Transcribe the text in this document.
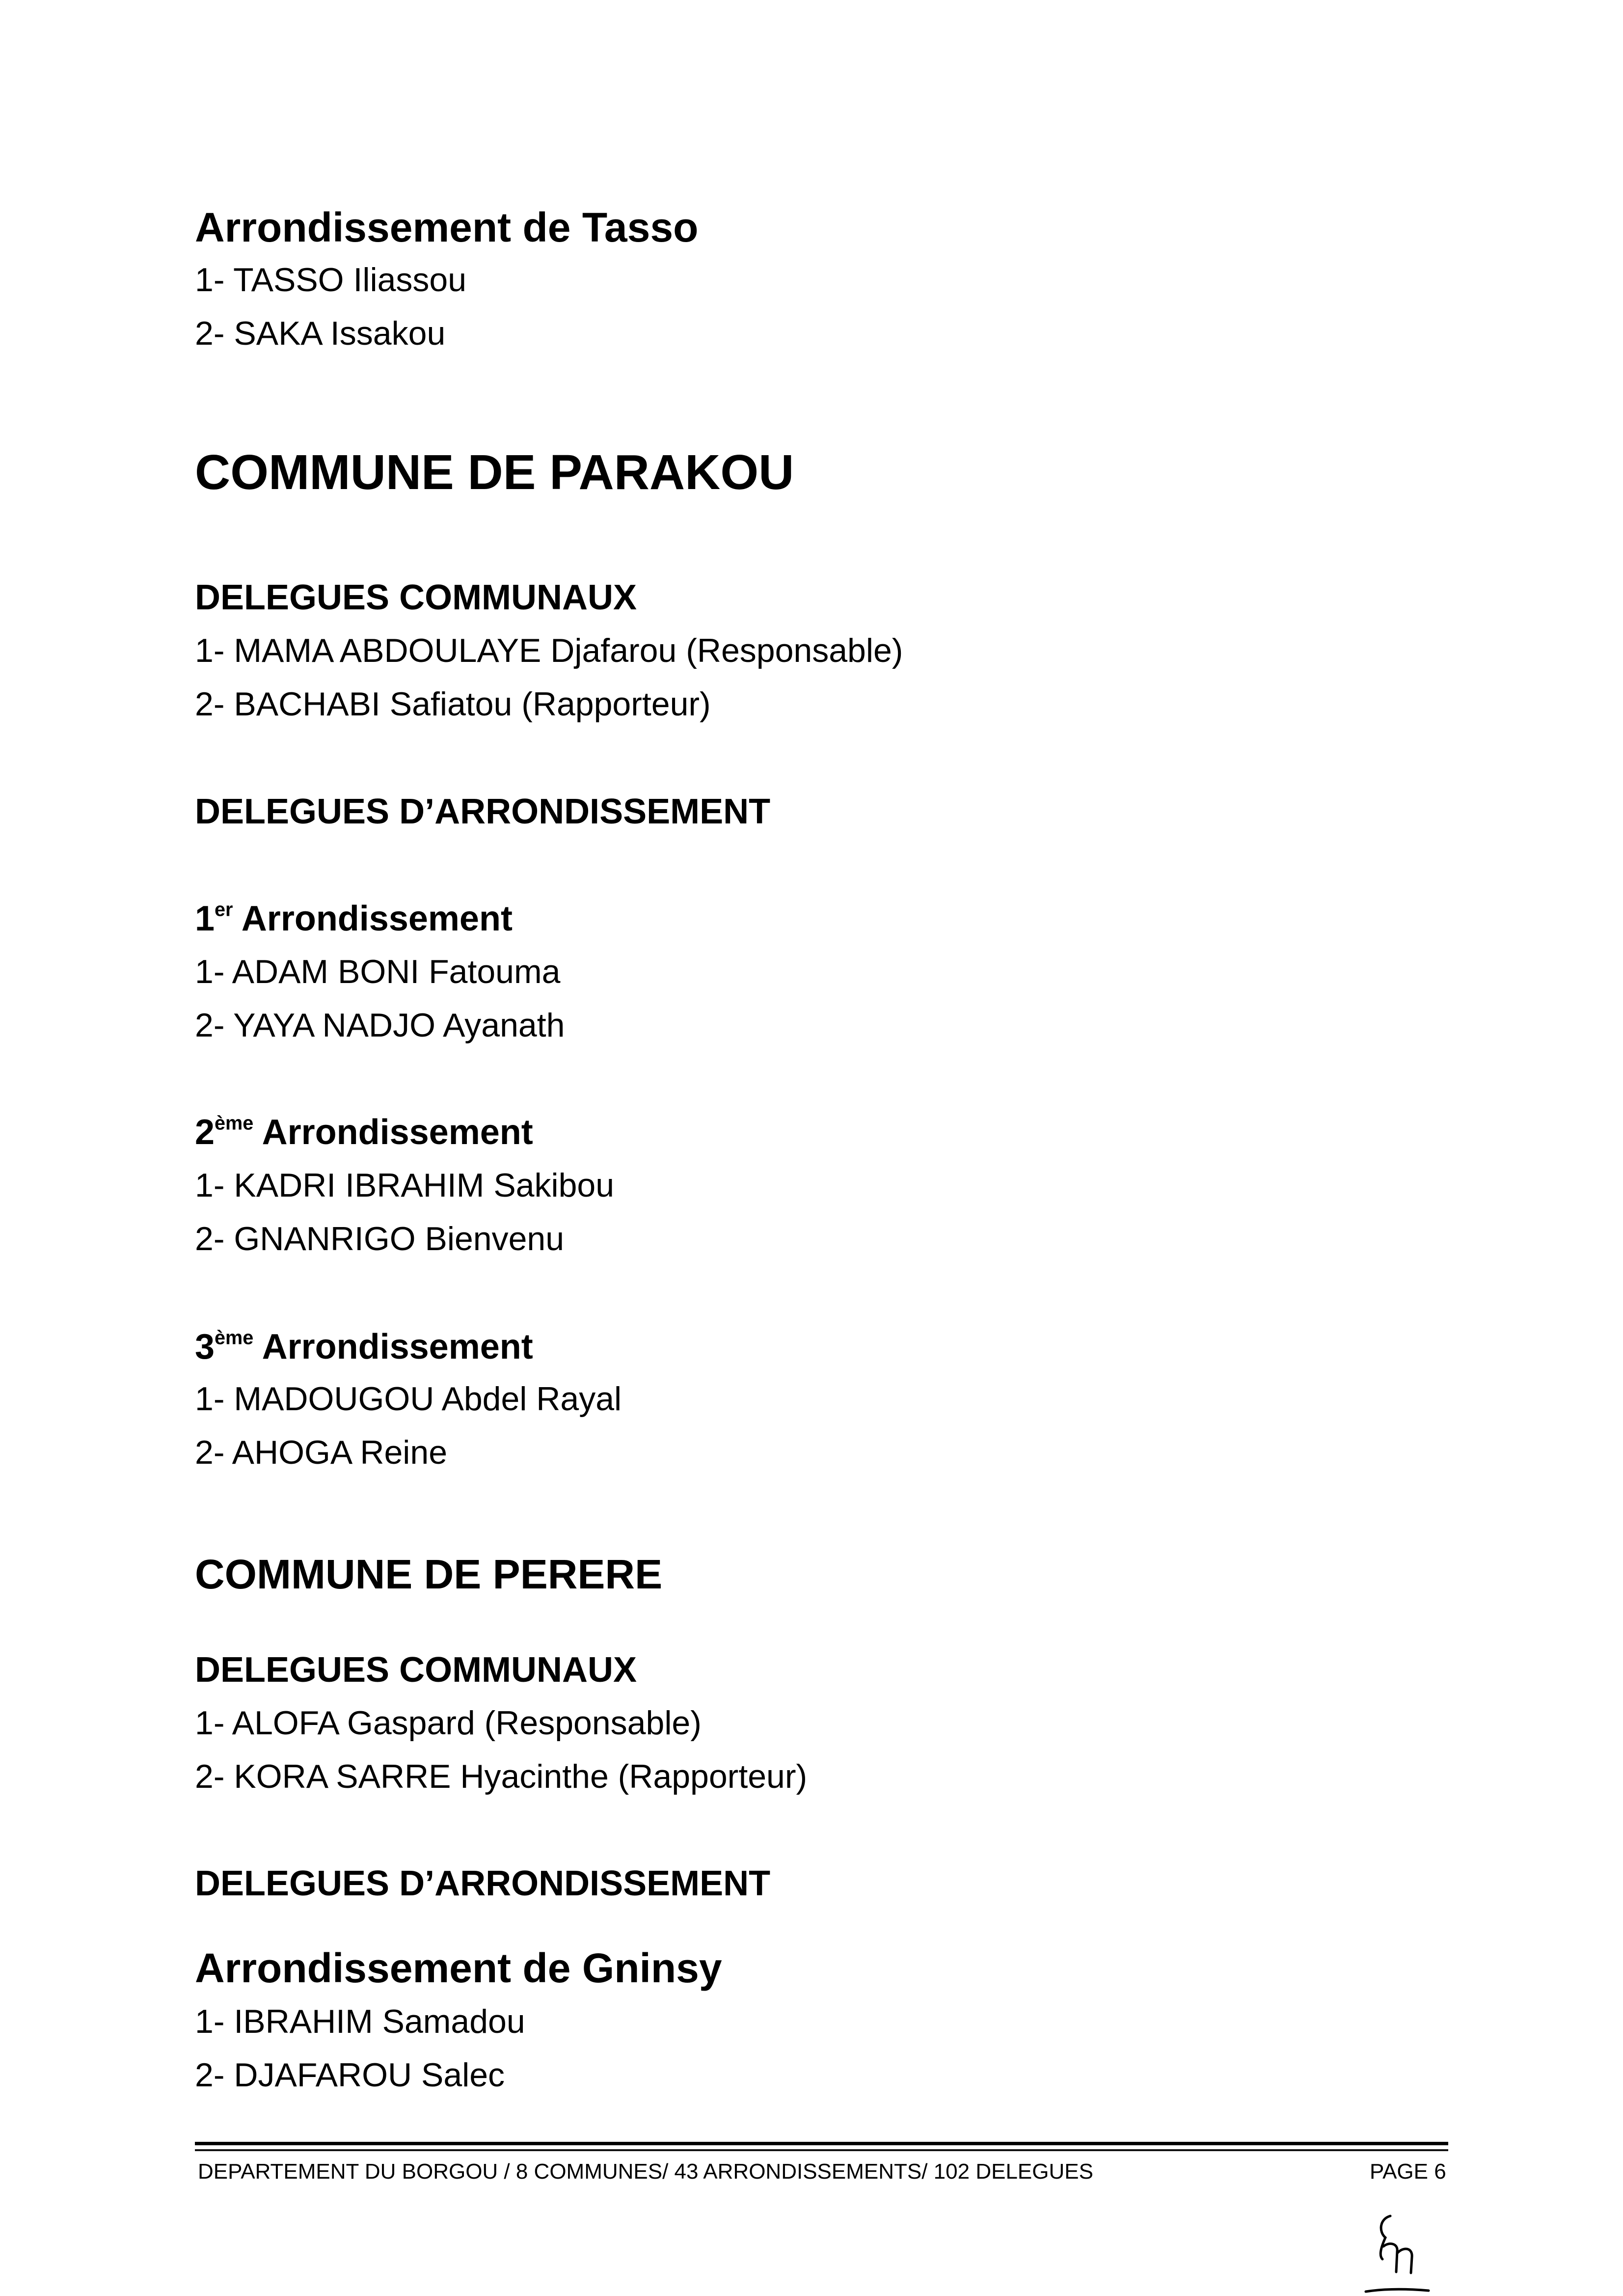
Arrondissement de Tasso
1- TASSO Iliassou
2- SAKA Issakou
COMMUNE DE PARAKOU
DELEGUES COMMUNAUX
1- MAMA ABDOULAYE Djafarou (Responsable)
2- BACHABI Safiatou (Rapporteur)
DELEGUES D’ARRONDISSEMENT
1er Arrondissement
1- ADAM BONI Fatouma
2- YAYA NADJO Ayanath
2ème Arrondissement
1- KADRI IBRAHIM Sakibou
2- GNANRIGO Bienvenu
3ème Arrondissement
1- MADOUGOU Abdel Rayal
2- AHOGA Reine
COMMUNE DE PERERE
DELEGUES COMMUNAUX
1- ALOFA Gaspard (Responsable)
2- KORA SARRE Hyacinthe (Rapporteur)
DELEGUES D’ARRONDISSEMENT
Arrondissement de Gninsy
1- IBRAHIM Samadou
2- DJAFAROU Salec
DEPARTEMENT DU BORGOU / 8 COMMUNES/ 43 ARRONDISSEMENTS/ 102 DELEGUES	PAGE 6
